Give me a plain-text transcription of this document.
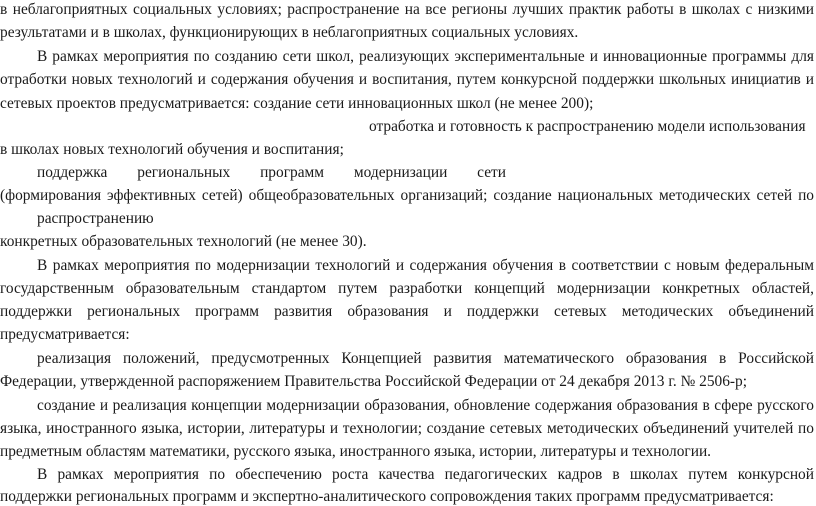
в неблагоприятных социальных условиях; распространение на все регионы лучших практик работы в школах с низкими
результатами и в школах, функционирующих в неблагоприятных социальных условиях.
В рамках мероприятия по созданию сети школ, реализующих экспериментальные и инновационные программы для
отработки новых технологий и содержания обучения и воспитания, путем конкурсной поддержки школьных инициатив и
сетевых проектов предусматривается: создание сети инновационных школ (не менее 200);
отработка и готовность к распространению модели использования
в школах новых технологий обучения и воспитания;
поддержка региональных программ модернизации сети
(формирования эффективных сетей) общеобразовательных организаций; создание национальных методических сетей по
распространению
конкретных образовательных технологий (не менее 30).
В рамках мероприятия по модернизации технологий и содержания обучения в соответствии с новым федеральным
государственным образовательным стандартом путем разработки концепций модернизации конкретных областей,
поддержки региональных программ развития образования и поддержки сетевых методических объединений
предусматривается:
реализация положений, предусмотренных Концепцией развития математического образования в Российской
Федерации, утвержденной распоряжением Правительства Российской Федерации от 24 декабря 2013 г. № 2506-р;
создание и реализация концепции модернизации образования, обновление содержания образования в сфере русского
языка, иностранного языка, истории, литературы и технологии; создание сетевых методических объединений учителей по
предметным областям математики, русского языка, иностранного языка, истории, литературы и технологии.
В рамках мероприятия по обеспечению роста качества педагогических кадров в школах путем конкурсной
поддержки региональных программ и экспертно-аналитического сопровождения таких программ предусматривается:
